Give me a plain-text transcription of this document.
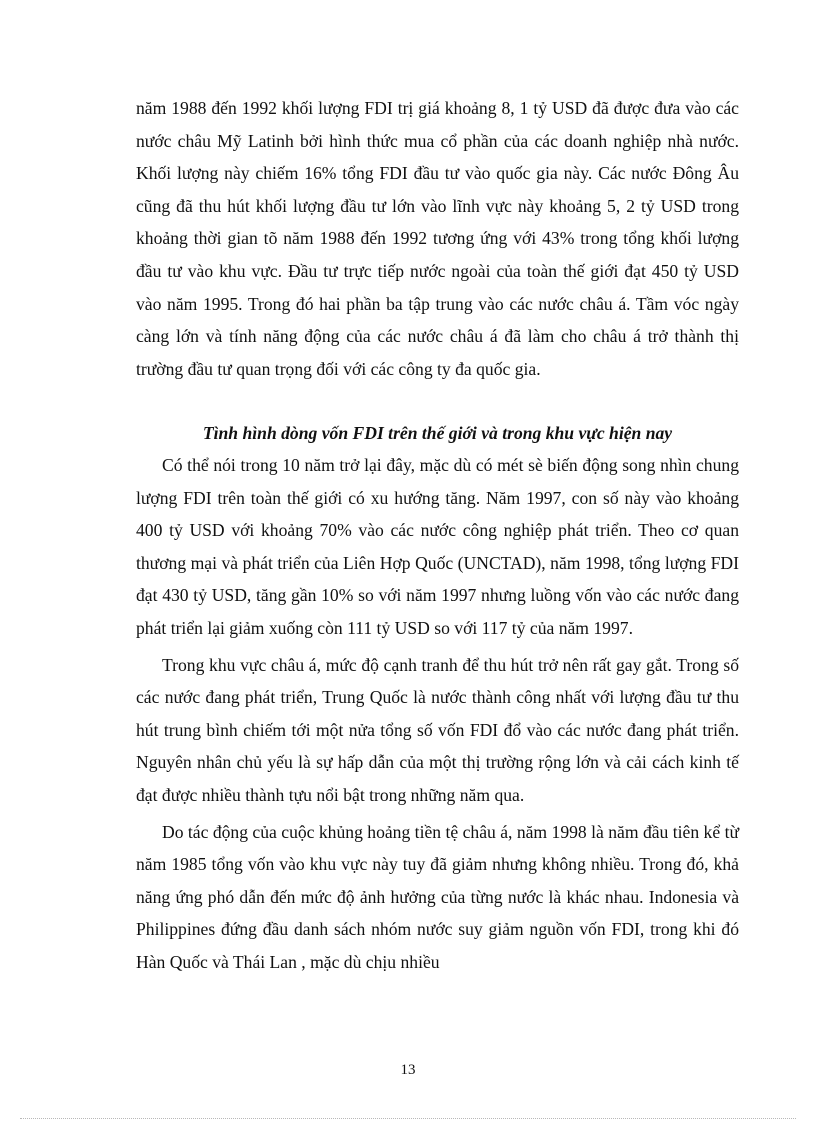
năm 1988 đến 1992 khối lượng FDI trị giá khoảng 8, 1 tỷ USD đã được đưa vào các nước châu Mỹ Latinh bởi hình thức mua cổ phần của các doanh nghiệp nhà nước. Khối lượng này chiếm 16% tổng FDI đầu tư vào quốc gia này. Các nước Đông Âu cũng đã thu hút khối lượng đầu tư lớn vào lĩnh vực này khoảng 5, 2 tỷ USD trong khoảng thời gian tõ năm 1988 đến 1992 tương ứng với 43% trong tổng khối lượng đầu tư vào khu vực. Đầu tư trực tiếp nước ngoài của toàn thế giới đạt 450 tỷ USD vào năm 1995. Trong đó hai phần ba tập trung vào các nước châu á. Tầm vóc ngày càng lớn và tính năng động của các nước châu á đã làm cho châu á trở thành thị trường đầu tư quan trọng đối với các công ty đa quốc gia.
Tình hình dòng vốn FDI trên thế giới và trong khu vực hiện nay

Có thể nói trong 10 năm trở lại đây, mặc dù có mét sè biến động song nhìn chung lượng FDI trên toàn thế giới có xu hướng tăng. Năm 1997, con số này vào khoảng 400 tỷ USD với khoảng 70% vào các nước công nghiệp phát triển. Theo cơ quan thương mại và phát triển của Liên Hợp Quốc (UNCTAD), năm 1998, tổng lượng FDI đạt 430 tỷ USD, tăng gần 10% so với năm 1997 nhưng luồng vốn vào các nước đang phát triển lại giảm xuống còn 111 tỷ USD so với 117 tỷ của năm 1997.

Trong khu vực châu á, mức độ cạnh tranh để thu hút trở nên rất gay gắt. Trong số các nước đang phát triển, Trung Quốc là nước thành công nhất với lượng đầu tư thu hút trung bình chiếm tới một nửa tổng số vốn FDI đổ vào các nước đang phát triển. Nguyên nhân chủ yếu là sự hấp dẫn của một thị trường rộng lớn và cải cách kinh tế đạt được nhiều thành tựu nổi bật trong những năm qua.

Do tác động của cuộc khủng hoảng tiền tệ châu á, năm 1998 là năm đầu tiên kể từ năm 1985 tổng vốn vào khu vực này tuy đã giảm nhưng không nhiều. Trong đó, khả năng ứng phó dẫn đến mức độ ảnh hưởng của từng nước là khác nhau. Indonesia và Philippines đứng đầu danh sách nhóm nước suy giảm nguồn vốn FDI, trong khi đó Hàn Quốc và Thái Lan , mặc dù chịu nhiều

13
